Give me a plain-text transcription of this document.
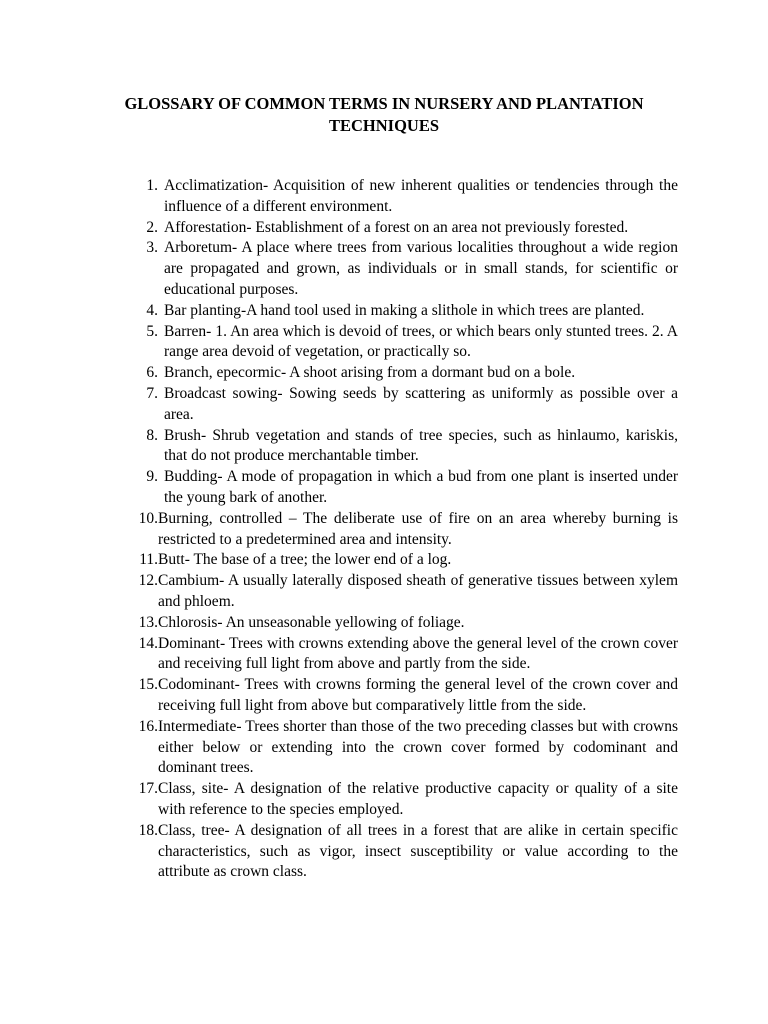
GLOSSARY OF COMMON TERMS IN NURSERY AND PLANTATION TECHNIQUES
1. Acclimatization- Acquisition of new inherent qualities or tendencies through the influence of a different environment.
2. Afforestation- Establishment of a forest on an area not previously forested.
3. Arboretum- A place where trees from various localities throughout a wide region are propagated and grown, as individuals or in small stands, for scientific or educational purposes.
4. Bar planting-A hand tool used in making a slithole in which trees are planted.
5. Barren- 1. An area which is devoid of trees, or which bears only stunted trees. 2. A range area devoid of vegetation, or practically so.
6. Branch, epecormic- A shoot arising from a dormant bud on a bole.
7. Broadcast sowing- Sowing seeds by scattering as uniformly as possible over a area.
8. Brush- Shrub vegetation and stands of tree species, such as hinlaumo, kariskis, that do not produce merchantable timber.
9. Budding- A mode of propagation in which a bud from one plant is inserted under the young bark of another.
10. Burning, controlled – The deliberate use of fire on an area whereby burning is restricted to a predetermined area and intensity.
11. Butt- The base of a tree; the lower end of a log.
12. Cambium- A usually laterally disposed sheath of generative tissues between xylem and phloem.
13. Chlorosis- An unseasonable yellowing of foliage.
14. Dominant- Trees with crowns extending above the general level of the crown cover and receiving full light from above and partly from the side.
15. Codominant- Trees with crowns forming the general level of the crown cover and receiving full light from above but comparatively little from the side.
16. Intermediate- Trees shorter than those of the two preceding classes but with crowns either below or extending into the crown cover formed by codominant and dominant trees.
17. Class, site- A designation of the relative productive capacity or quality of a site with reference to the species employed.
18. Class, tree- A designation of all trees in a forest that are alike in certain specific characteristics, such as vigor, insect susceptibility or value according to the attribute as crown class.
